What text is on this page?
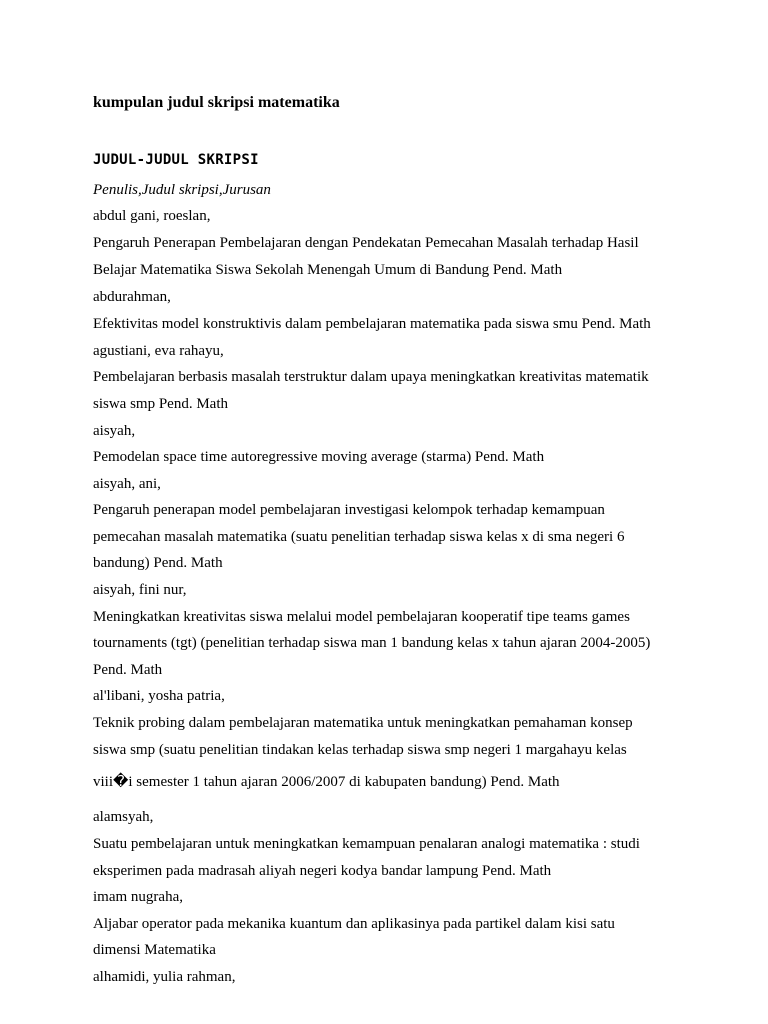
kumpulan judul skripsi matematika
JUDUL-JUDUL SKRIPSI
Penulis,Judul skripsi,Jurusan
abdul gani, roeslan,
Pengaruh Penerapan Pembelajaran dengan Pendekatan Pemecahan Masalah terhadap Hasil
Belajar Matematika Siswa Sekolah Menengah Umum di Bandung Pend. Math
abdurahman,
Efektivitas model konstruktivis dalam pembelajaran matematika pada siswa smu Pend. Math
agustiani, eva rahayu,
Pembelajaran berbasis masalah terstruktur dalam upaya meningkatkan kreativitas matematik
siswa smp Pend. Math
aisyah,
Pemodelan space time autoregressive moving average (starma) Pend. Math
aisyah, ani,
Pengaruh penerapan model pembelajaran investigasi kelompok terhadap kemampuan
pemecahan masalah matematika (suatu penelitian terhadap siswa kelas x di sma negeri 6
bandung) Pend. Math
aisyah, fini nur,
Meningkatkan kreativitas siswa melalui model pembelajaran kooperatif tipe teams games
tournaments (tgt) (penelitian terhadap siswa man 1 bandung kelas x tahun ajaran 2004-2005)
Pend. Math
al'libani, yosha patria,
Teknik probing dalam pembelajaran matematika untuk meningkatkan pemahaman konsep
siswa smp (suatu penelitian tindakan kelas terhadap siswa smp negeri 1 margahayu kelas
viii�i semester 1 tahun ajaran 2006/2007 di kabupaten bandung) Pend. Math
alamsyah,
Suatu pembelajaran untuk meningkatkan kemampuan penalaran analogi matematika : studi
eksperimen pada madrasah aliyah negeri kodya bandar lampung Pend. Math
imam nugraha,
Aljabar operator pada mekanika kuantum dan aplikasinya pada partikel dalam kisi satu
dimensi Matematika
alhamidi, yulia rahman,
